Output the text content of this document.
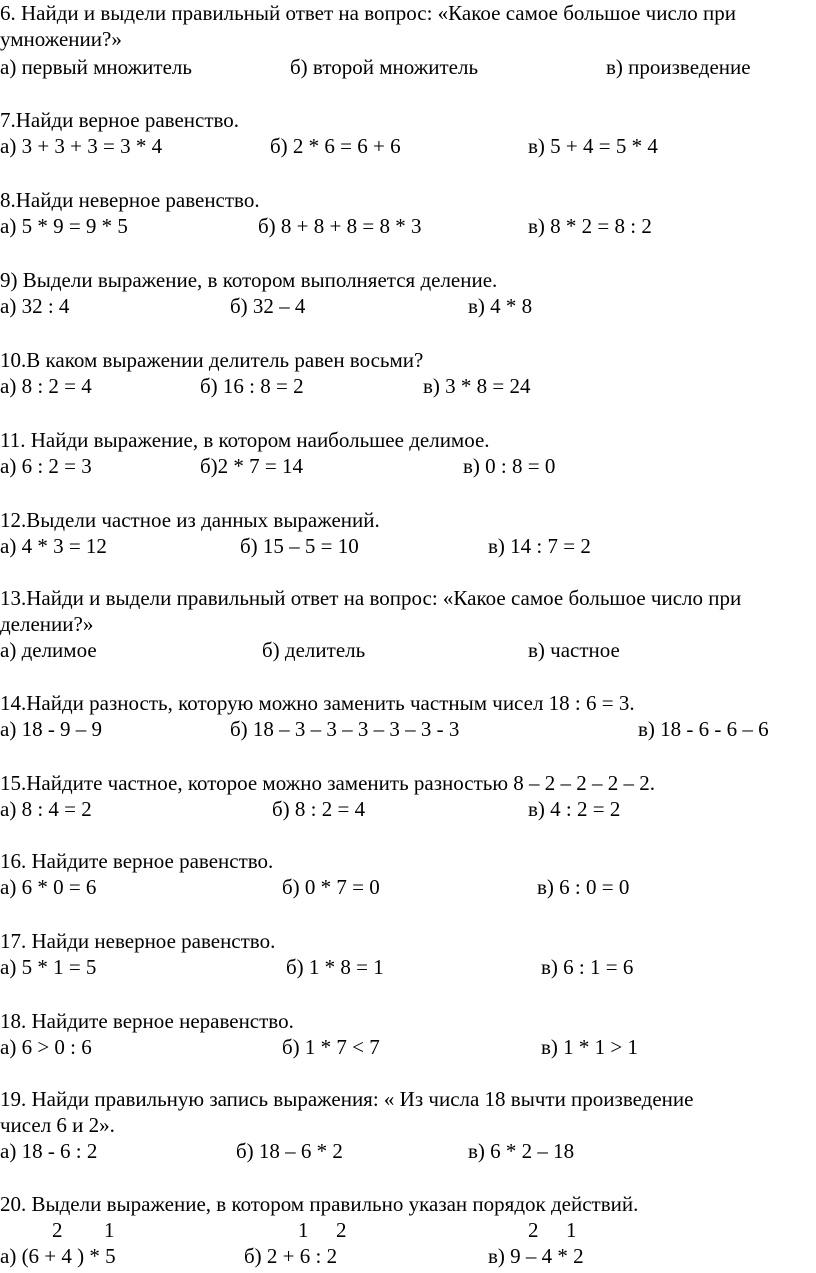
6. Найди и выдели правильный ответ на вопрос: «Какое самое большое число при
умножении?»
а) первый множитель	б) второй множитель	в) произведение
7.Найди верное равенство.
а) 3 + 3 + 3 = 3 * 4	б) 2 * 6 = 6 + 6	в) 5 + 4 = 5 * 4
8.Найди неверное равенство.
а) 5 * 9 = 9 * 5	б) 8 + 8 + 8 = 8 * 3	в) 8 * 2 = 8 : 2
9) Выдели выражение, в котором выполняется деление.
а) 32 : 4	б) 32 – 4	в) 4 * 8
10.В каком выражении делитель равен восьми?
а) 8 : 2 = 4	б) 16 : 8 = 2	в) 3 * 8 = 24
11. Найди выражение, в котором наибольшее делимое.
а) 6 : 2 = 3	б)2 * 7 = 14	в) 0 : 8 = 0
12.Выдели частное из данных выражений.
а) 4 * 3 = 12	б) 15 – 5 = 10	в) 14 : 7 = 2
13.Найди и выдели правильный ответ на вопрос: «Какое самое большое число при
делении?»
а) делимое	б) делитель	в) частное
14.Найди разность, которую можно заменить частным чисел 18 : 6 = 3.
а) 18 - 9 – 9	б) 18 – 3 – 3 – 3 – 3 – 3 - 3	в) 18 - 6 - 6 – 6
15.Найдите частное, которое можно заменить разностью 8 – 2 – 2 – 2 – 2.
а) 8 : 4 = 2	б) 8 : 2 = 4	в) 4 : 2 = 2
16. Найдите верное равенство.
а) 6 * 0 = 6	б) 0 * 7 = 0	в) 6 : 0 = 0
17. Найди неверное равенство.
а) 5 * 1 = 5	б) 1 * 8 = 1	в) 6 : 1 = 6
18. Найдите верное неравенство.
а) 6 > 0 : 6	б) 1 * 7 < 7	в) 1 * 1 > 1
19. Найди правильную запись выражения: « Из числа 18 вычти произведение
чисел 6 и 2».
а) 18 - 6 : 2	б) 18 – 6 * 2	в) 6 * 2 – 18
20. Выдели выражение, в котором правильно указан порядок действий.
2 1	1 2	2 1
а) (6 + 4 ) * 5	б) 2 + 6 : 2	в) 9 – 4 * 2
